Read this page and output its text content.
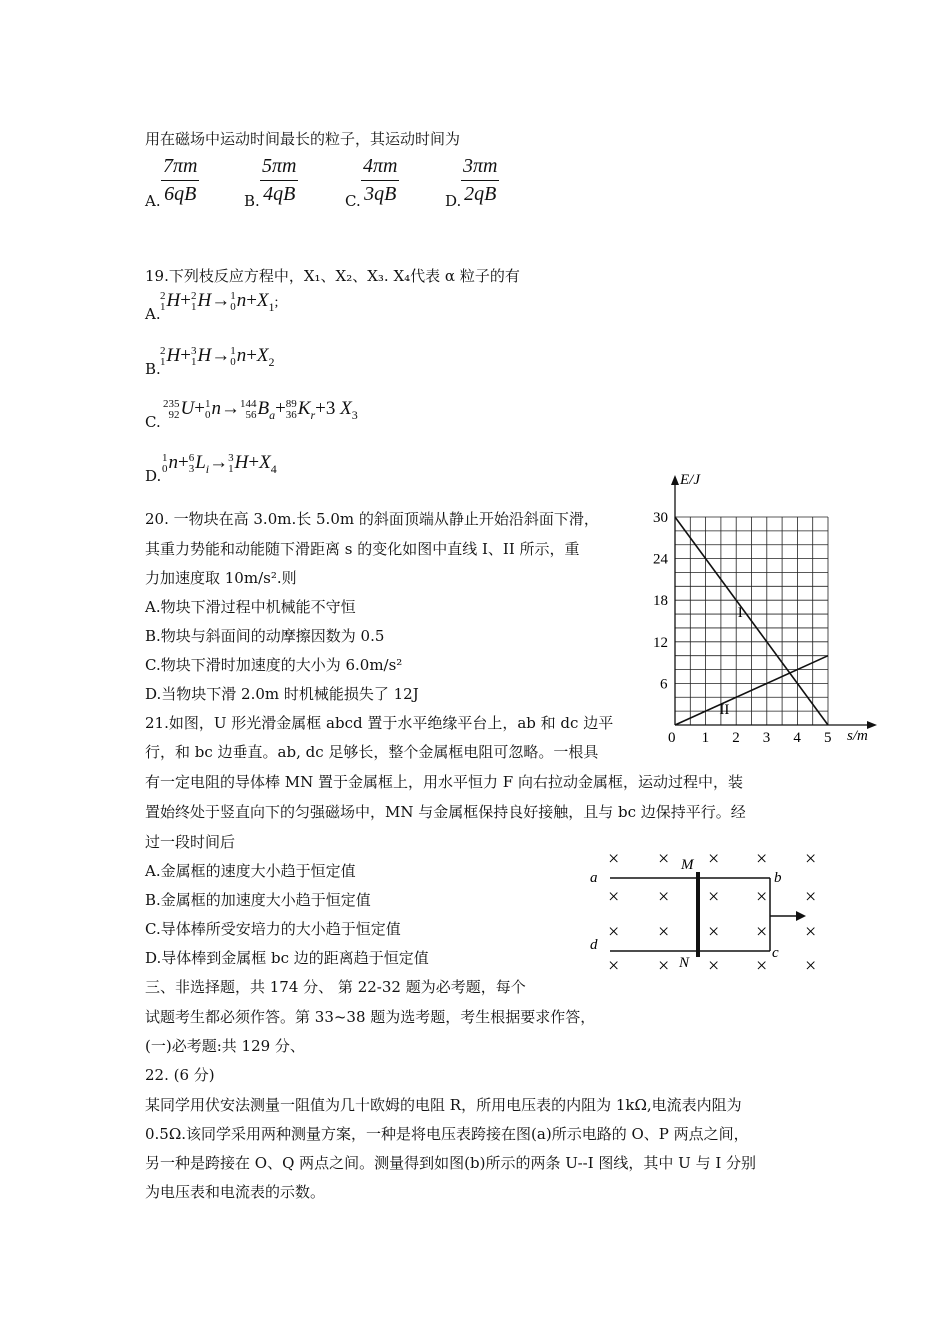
用在磁场中运动时间最长的粒子，其运动时间为
A. $\frac{7\pi m}{6qB}$	B. $\frac{5\pi m}{4qB}$	C. $\frac{4\pi m}{3qB}$	D. $\frac{3\pi m}{2qB}$
19.下列枝反应方程中，X₁、X₂、X₃. X₄代表 α 粒子的有
A.
2
1 H+ 2
1 H→ 1
0 $n+X_1$;
B.
2
1 H+ 3
1 H→ 1
0 $n+X_2$
C.
235
92 U+ 1
0 n→ 144
56 $B_a+ 89$
36 $K_r+3$ $X_3$
D.
1
0 n+ 6
3 $L_i\to 3$
1 $H+X_4$
20. 一物块在高 3.0m.长 5.0m 的斜面顶端从静止开始沿斜面下滑，
其重力势能和动能随下滑距离 s 的变化如图中直线 I、II 所示，重
力加速度取 10m/s².则
A.物块下滑过程中机械能不守恒
B.物块与斜面间的动摩擦因数为 0.5
C.物块下滑时加速度的大小为 6.0m/s²
D.当物块下滑 2.0m 时机械能损失了 12J
0 1 2 3 4 5
6
12
18
24
30
I
II
E/J
s/m
21.如图，U 形光滑金属框 abcd 置于水平绝缘平台上，ab 和 dc 边平
行，和 bc 边垂直。ab, dc 足够长，整个金属框电阻可忽略。一根具
有一定电阻的导体棒 MN 置于金属框上，用水平恒力 F 向右拉动金属框，运动过程中，装
置始终处于竖直向下的匀强磁场中，MN 与金属框保持良好接触，且与 bc 边保持平行。经
过一段时间后
A.金属框的速度大小趋于恒定值
B.金属框的加速度大小趋于恒定值
C.导体棒所受安培力的大小趋于恒定值
D.导体棒到金属框 bc 边的距离趋于恒定值
× × × × ×
× × × × ×
× × × × ×
× × × × ×
a
d
b
c
M
N
三、非选择题，共 174 分、 第 22-32 题为必考题，每个
试题考生都必须作答。第 33~38 题为选考题，考生根据要求作答，
(一)必考题:共 129 分、
22. (6 分)
某同学用伏安法测量一阻值为几十欧姆的电阻 R，所用电压表的内阻为 1kΩ,电流表内阻为
0.5Ω.该同学采用两种测量方案，一种是将电压表跨接在图(a)所示电路的 O、P 两点之间，
另一种是跨接在 O、Q 两点之间。测量得到如图(b)所示的两条 U--I 图线，其中 U 与 I 分别
为电压表和电流表的示数。
